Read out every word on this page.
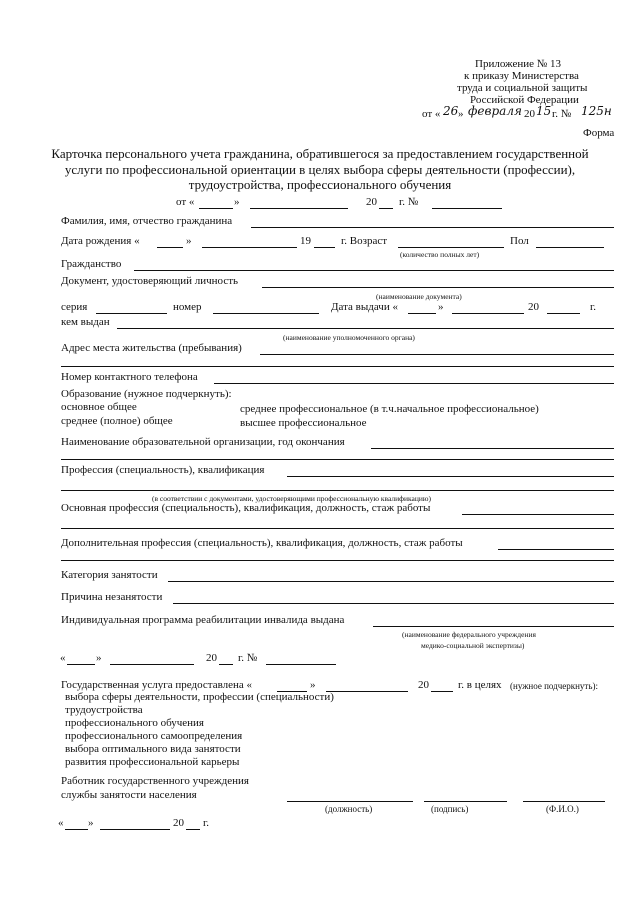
Приложение № 13
к приказу Министерства
труда и социальной защиты
Российской Федерации
от « 26 » февраля 20 15 г. № 125н
Форма
Карточка персонального учета гражданина, обратившегося за предоставлением государственной
услуги по профессиональной ориентации в целях выбора сферы деятельности (профессии),
трудоустройства, профессионального обучения
от «	»	20 г. №
Фамилия, имя, отчество гражданина
Дата рождения «	»	19	г. Возраст	Пол
(количество полных лет)
Гражданство
Документ, удостоверяющий личность
(наименование документа)
серия	номер	Дата выдачи «	»	20	г.
кем выдан
(наименование уполномоченного органа)
Адрес места жительства (пребывания)
Номер контактного телефона
Образование (нужное подчеркнуть):
основное общее
среднее (полное) общее
среднее профессиональное (в т.ч.начальное профессиональное)
высшее профессиональное
Наименование образовательной организации, год окончания
Профессия (специальность), квалификация
(в соответствии с документами, удостоверяющими профессиональную квалификацию)
Основная профессия (специальность), квалификация, должность, стаж работы
Дополнительная профессия (специальность), квалификация, должность, стаж работы
Категория занятости
Причина незанятости
Индивидуальная программа реабилитации инвалида выдана
(наименование федерального учреждения
медико-социальной экспертизы)
«	»	20 г. №
Государственная услуга предоставлена «	»	20	г. в целях (нужное подчеркнуть):
выбора сферы деятельности, профессии (специальности)
трудоустройства
профессионального обучения
профессионального самоопределения
выбора оптимального вида занятости
развития профессиональной карьеры
Работник государственного учреждения
службы занятости населения
(должность)	(подпись)	(Ф.И.О.)
« »	20 г.
